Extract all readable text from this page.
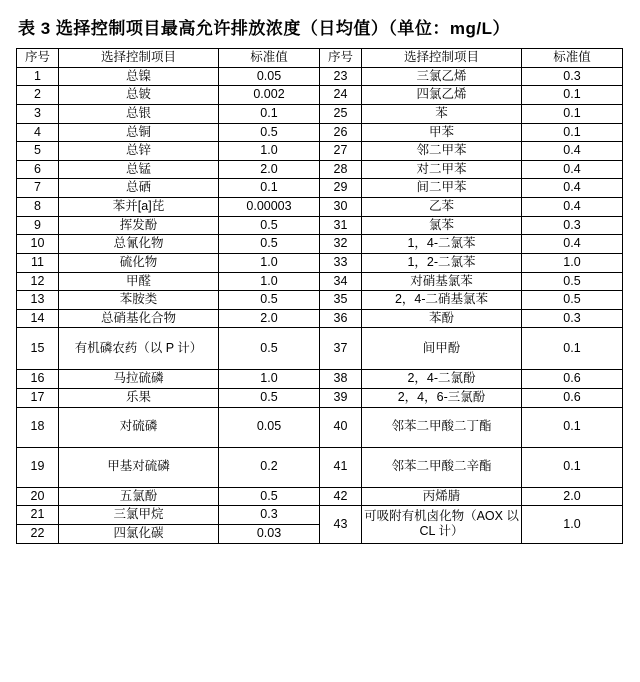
表 3 选择控制项目最高允许排放浓度（日均值）（单位：mg/L）
序号	选择控制项目	标准值	序号	选择控制项目	标准值
1	总镍	0.05	23	三氯乙烯	0.3
2	总铍	0.002	24	四氯乙烯	0.1
3	总银	0.1	25	苯	0.1
4	总铜	0.5	26	甲苯	0.1
5	总锌	1.0	27	邻二甲苯	0.4
6	总锰	2.0	28	对二甲苯	0.4
7	总硒	0.1	29	间二甲苯	0.4
8	苯并[a]芘	0.00003	30	乙苯	0.4
9	挥发酚	0.5	31	氯苯	0.3
10	总氰化物	0.5	32	1，4-二氯苯	0.4
11	硫化物	1.0	33	1，2-二氯苯	1.0
12	甲醛	1.0	34	对硝基氯苯	0.5
13	苯胺类	0.5	35	2，4-二硝基氯苯	0.5
14	总硝基化合物	2.0	36	苯酚	0.3
15	有机磷农药（以 P 计）	0.5	37	间甲酚	0.1
16	马拉硫磷	1.0	38	2，4-二氯酚	0.6
17	乐果	0.5	39	2，4，6-三氯酚	0.6
18	对硫磷	0.05	40	邻苯二甲酸二丁酯	0.1
19	甲基对硫磷	0.2	41	邻苯二甲酸二辛酯	0.1
20	五氯酚	0.5	42	丙烯腈	2.0
21	三氯甲烷	0.3	43	可吸附有机卤化物（AOX 以 CL 计）	1.0
22	四氯化碳	0.03			
